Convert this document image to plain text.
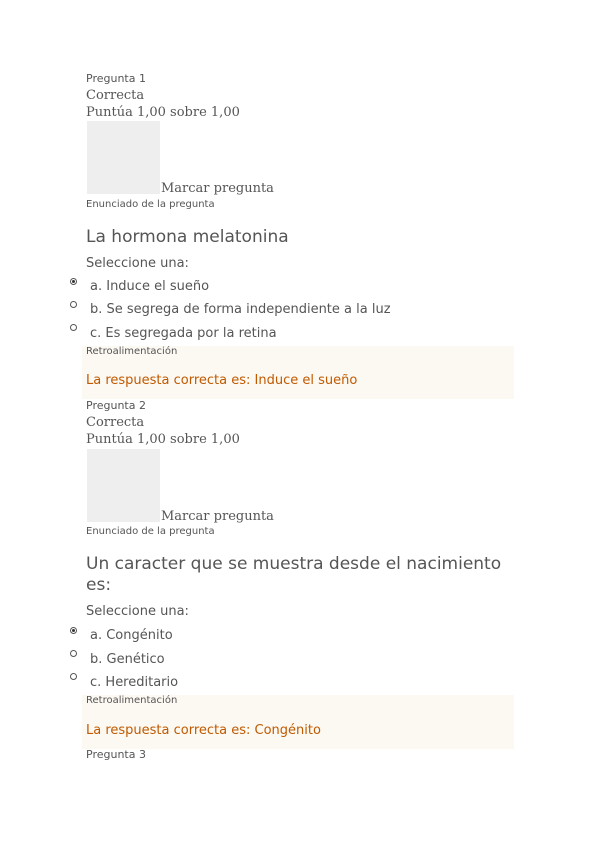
Pregunta 1
Correcta
Puntúa 1,00 sobre 1,00
Marcar pregunta
Enunciado de la pregunta
La hormona melatonina
Seleccione una:
a. Induce el sueño
b. Se segrega de forma independiente a la luz
c. Es segregada por la retina
Retroalimentación
La respuesta correcta es: Induce el sueño
Pregunta 2
Correcta
Puntúa 1,00 sobre 1,00
Marcar pregunta
Enunciado de la pregunta
Un caracter que se muestra desde el nacimiento es:
Seleccione una:
a. Congénito
b. Genético
c. Hereditario
Retroalimentación
La respuesta correcta es: Congénito
Pregunta 3
